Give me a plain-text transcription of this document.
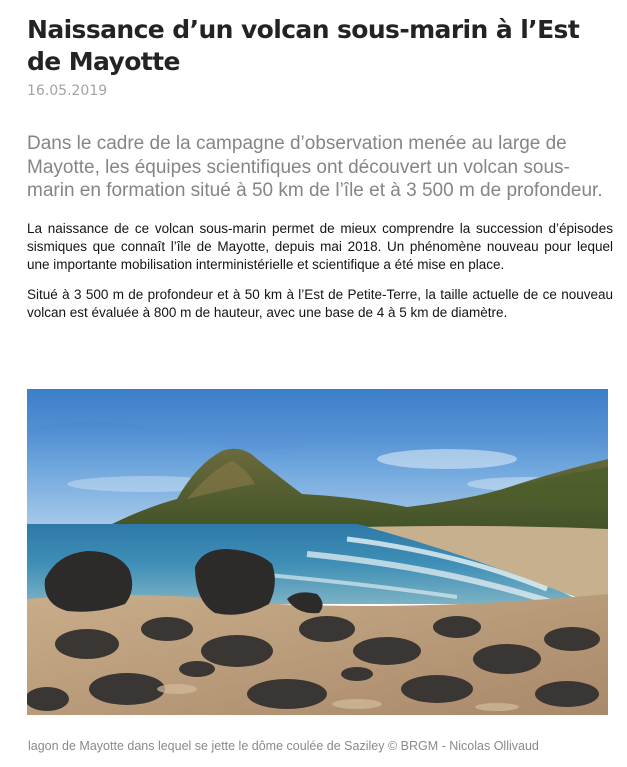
Naissance d’un volcan sous-marin à l’Est de Mayotte
16.05.2019

Dans le cadre de la campagne d’observation menée au large de Mayotte, les équipes scientifiques ont découvert un volcan sous-marin en formation situé à 50 km de l’île et à 3 500 m de profondeur.

La naissance de ce volcan sous-marin permet de mieux comprendre la succession d’épisodes sismiques que connaît l’île de Mayotte, depuis mai 2018. Un phénomène nouveau pour lequel une importante mobilisation interministérielle et scientifique a été mise en place.

Situé à 3 500 m de profondeur et à 50 km à l’Est de Petite-Terre, la taille actuelle de ce nouveau volcan est évaluée à 800 m de hauteur, avec une base de 4 à 5 km de diamètre.

lagon de Mayotte dans lequel se jette le dôme coulée de Saziley © BRGM - Nicolas Ollivaud
